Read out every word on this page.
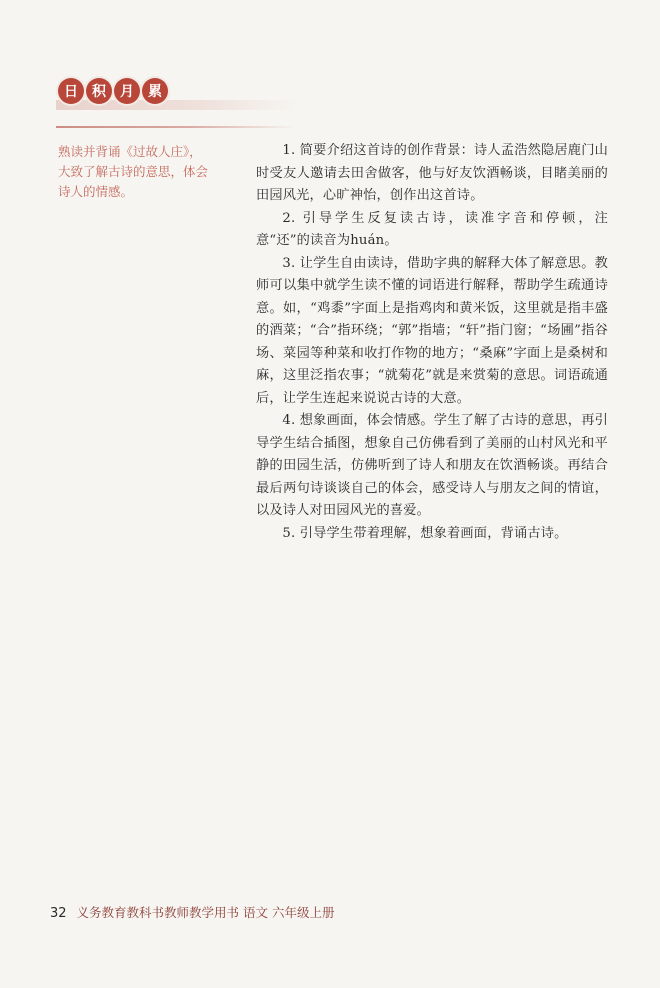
日	积	月	累
熟读并背诵《过故人庄》，大致了解古诗的意思，体会诗人的情感。

1. 简要介绍这首诗的创作背景：诗人孟浩然隐居鹿门山时受友人邀请去田舍做客，他与好友饮酒畅谈，目睹美丽的田园风光，心旷神怡，创作出这首诗。

2. 引导学生反复读古诗，读准字音和停顿，注意“还”的读音为huán。

3. 让学生自由读诗，借助字典的解释大体了解意思。教师可以集中就学生读不懂的词语进行解释，帮助学生疏通诗意。如，“鸡黍”字面上是指鸡肉和黄米饭，这里就是指丰盛的酒菜；“合”指环绕；“郭”指墙；“轩”指门窗；“场圃”指谷场、菜园等种菜和收打作物的地方；“桑麻”字面上是桑树和麻，这里泛指农事；“就菊花”就是来赏菊的意思。词语疏通后，让学生连起来说说古诗的大意。

4. 想象画面，体会情感。学生了解了古诗的意思，再引导学生结合插图，想象自己仿佛看到了美丽的山村风光和平静的田园生活，仿佛听到了诗人和朋友在饮酒畅谈。再结合最后两句诗谈谈自己的体会，感受诗人与朋友之间的情谊，以及诗人对田园风光的喜爱。

5. 引导学生带着理解，想象着画面，背诵古诗。

32 义务教育教科书教师教学用书 语文 六年级上册
